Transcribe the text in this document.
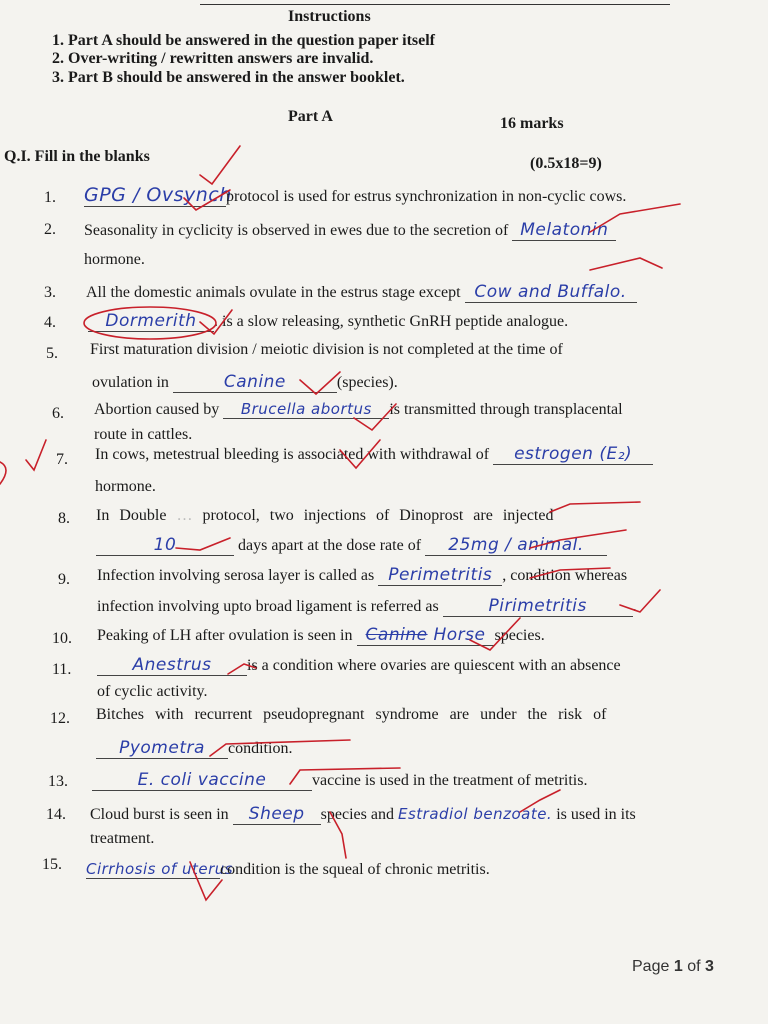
Instructions
1. Part A should be answered in the question paper itself
2. Over-writing / rewritten answers are invalid.
3. Part B should be answered in the answer booklet.
Part A	16 marks
Q.I. Fill in the blanks	(0.5x18=9)
1. GPG / Ovsynchprotocol is used for estrus synchronization in non-cyclic cows.
2. Seasonality in cyclicity is observed in ewes due to the secretion of Melatonin
hormone.
3. All the domestic animals ovulate in the estrus stage except Cow and Buffalo.
4.	Dormerith . is a slow releasing, synthetic GnRH peptide analogue.
5. First maturation division / meiotic division is not completed at the time of
ovulation in	Canine	(species).
6. Abortion caused by Brucella abortus is transmitted through transplacental
route in cattles.
7. In cows, metestrual bleeding is associated with withdrawal of estrogen (E₂)
hormone.
8. In Double … protocol, two injections of Dinoprost are injected
10	days apart at the dose rate of 25mg / animal.
9. Infection involving serosa layer is called as Perimetritis , condition whereas
infection involving upto broad ligament is referred as	Pirimetritis	.
10. Peaking of LH after ovulation is seen in Canine Horse species.
11.	Anestrus is a condition where ovaries are quiescent with an absence
of cyclic activity.
12. Bitches with recurrent pseudopregnant syndrome are under the risk of
Pyometra condition.
13.	E. coli vaccine	vaccine is used in the treatment of metritis.
14. Cloud burst is seen in Sheep species and Estradiol benzoate. is used in its
treatment.
15. Cirrhosis of uteruscondition is the squeal of chronic metritis.
Page 1 of 3
